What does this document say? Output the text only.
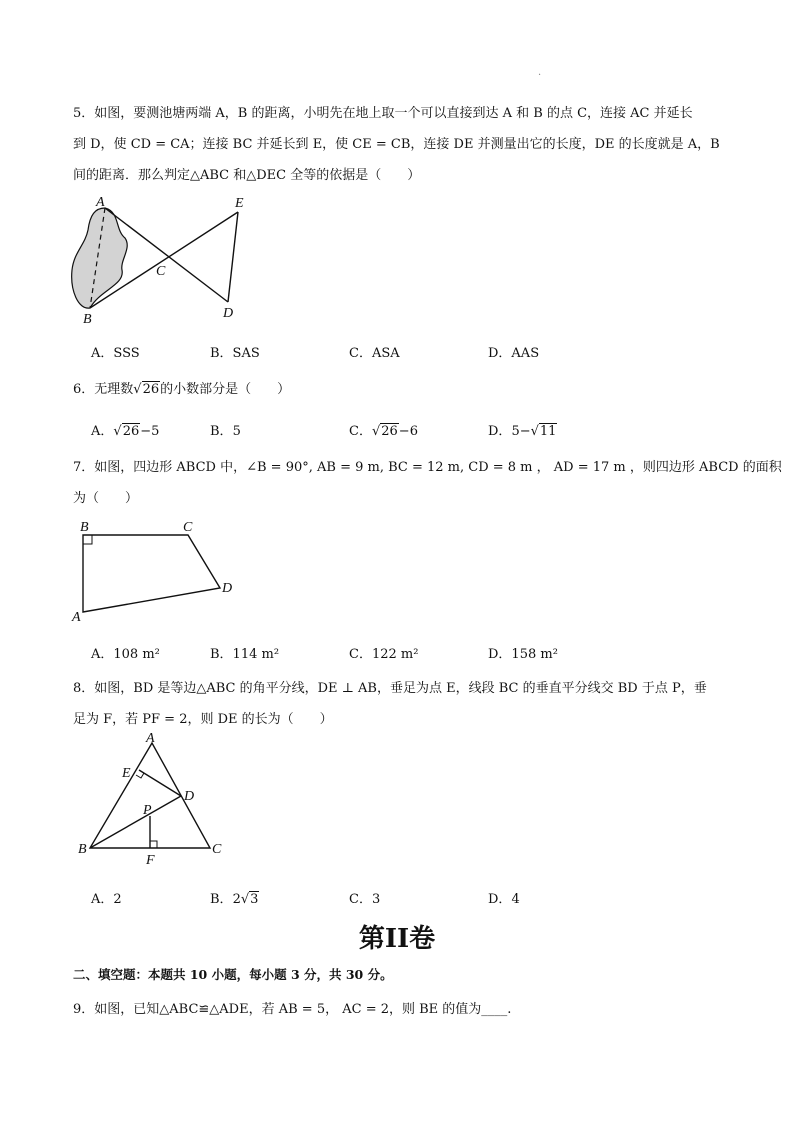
·
5．如图，要测池塘两端 A，B 的距离，小明先在地上取一个可以直接到达 A 和 B 的点 C，连接 AC 并延长
到 D，使 CD = CA；连接 BC 并延长到 E，使 CE = CB，连接 DE 并测量出它的长度，DE 的长度就是 A，B
间的距离．那么判定△ABC 和△DEC 全等的依据是（　　）
A
B
C
D
E
A．SSS	B．SAS	C．ASA	D．AAS
6．无理数√26的小数部分是（　　）
A．√26−5	B．5	C．√26−6	D．5−√11
7．如图，四边形 ABCD 中，∠B = 90°, AB = 9 m, BC = 12 m, CD = 8 m ， AD = 17 m ，则四边形 ABCD 的面积
为（　　）
B	C
D
A
A．108 m²	B．114 m²	C．122 m²	D．158 m²
8．如图，BD 是等边△ABC 的角平分线，DE ⊥ AB，垂足为点 E，线段 BC 的垂直平分线交 BD 于点 P，垂
足为 F，若 PF = 2，则 DE 的长为（　　）
A
E
D
P
B	C
F
A．2	B．2√3	C．3	D．4
第II卷
二、填空题：本题共 10 小题，每小题 3 分，共 30 分。
9．如图，已知△ABC≌△ADE，若 AB = 5， AC = 2，则 BE 的值为____.
